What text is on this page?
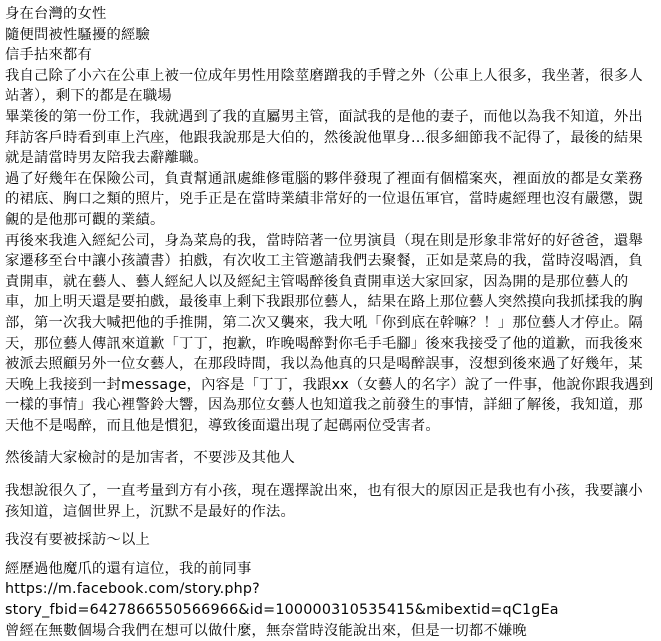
身在台灣的女性
隨便問被性騷擾的經驗
信手拈來都有

我自己除了小六在公車上被一位成年男性用陰莖磨蹭我的手臂之外（公車上人很多，我坐著，很多人站著），剩下的都是在職場
畢業後的第一份工作，我就遇到了我的直屬男主管，面試我的是他的妻子，而他以為我不知道，外出拜訪客戶時看到車上汽座，他跟我說那是大伯的，然後說他單身…很多細節我不記得了，最後的結果就是請當時男友陪我去辭離職。
過了好幾年在保險公司，負責幫通訊處維修電腦的夥伴發現了裡面有個檔案夾，裡面放的都是女業務的裙底、胸口之類的照片，兇手正是在當時業績非常好的一位退伍軍官，當時處經理也沒有嚴懲，覬覦的是他那可觀的業績。
再後來我進入經紀公司，身為菜鳥的我，當時陪著一位男演員（現在則是形象非常好的好爸爸，還舉家遷移至台中讓小孩讀書）拍戲，有次收工主管邀請我們去聚餐，正如是菜鳥的我，當時沒喝酒，負責開車，就在藝人、藝人經紀人以及經紀主管喝醉後負責開車送大家回家，因為開的是那位藝人的車，加上明天還是要拍戲，最後車上剩下我跟那位藝人，結果在路上那位藝人突然摸向我抓揉我的胸部，第一次我大喊把他的手推開，第二次又襲來，我大吼「你到底在幹嘛？！」那位藝人才停止。隔天，那位藝人傳訊來道歉「丁丁，抱歉，昨晚喝醉對你毛手毛腳」後來我接受了他的道歉，而我後來被派去照顧另外一位女藝人，在那段時間，我以為他真的只是喝醉誤事，沒想到後來過了好幾年，某天晚上我接到一封message，內容是「丁丁，我跟xx（女藝人的名字）說了一件事，他說你跟我遇到一樣的事情」我心裡警鈴大響，因為那位女藝人也知道我之前發生的事情，詳細了解後，我知道，那天他不是喝醉，而且他是慣犯，導致後面還出現了起碼兩位受害者。

然後請大家檢討的是加害者，不要涉及其他人

我想說很久了，一直考量到方有小孩，現在選擇說出來，也有很大的原因正是我也有小孩，我要讓小孩知道，這個世界上，沉默不是最好的作法。

我沒有要被採訪～以上

經歷過他魔爪的還有這位，我的前同事

https://m.facebook.com/story.php?

story_fbid=6427866550566966&id=100000310535415&mibextid=qC1gEa

曾經在無數個場合我們在想可以做什麼，無奈當時沒能說出來，但是一切都不嫌晚
